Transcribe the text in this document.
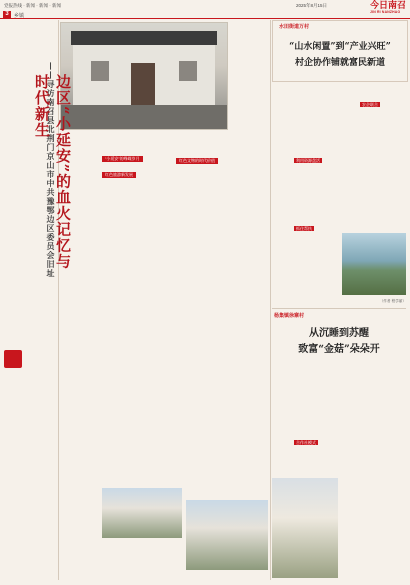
党报热线 · 新闻 · 新闻 · 新闻	2025年8月15日	今日南召
JIN RI NANZHAO
3	乡镇
——寻访南召县北荆门京山市中共豫鄂边区委员会旧址
边区“小延安”的血火记忆与时代新生
“小延安”的峥嵘岁月
红色旅游新发展
红色文物的时代价值
水田街道万村
“山水闲置”到“产业兴旺”
村企协作铺就富民新道
利用资源盘活
农企联合
抓住帮扶
（作者 程学丽）
杨集镇徐寨村
从沉睡到苏醒
致富“金菇”朵朵开
合作社模式
